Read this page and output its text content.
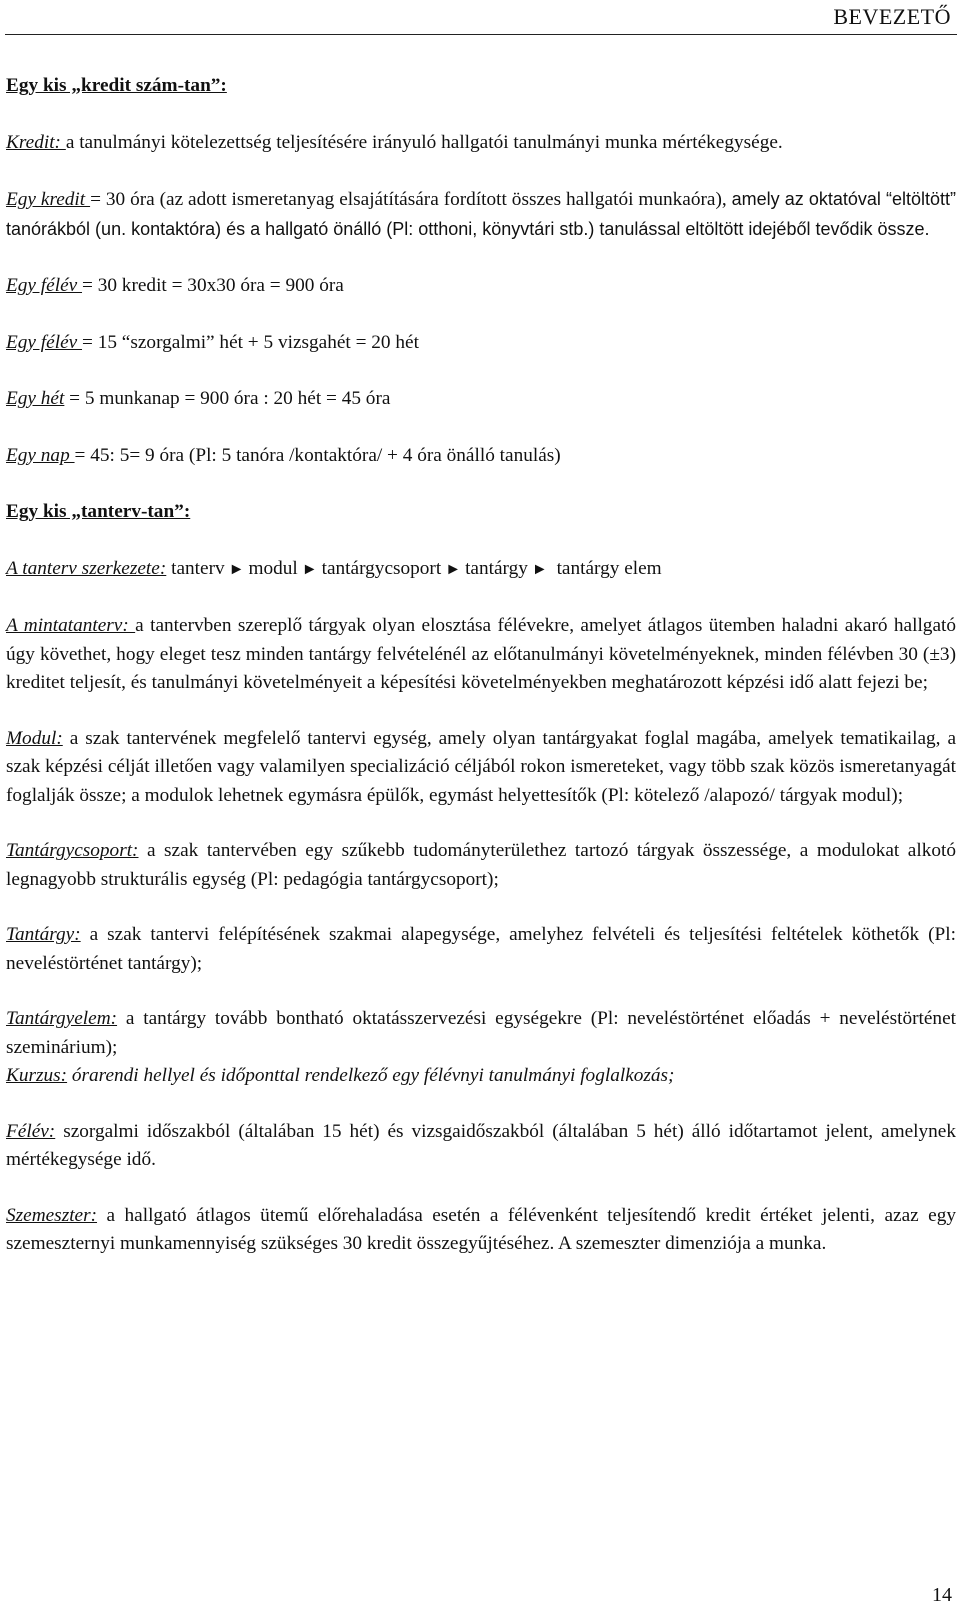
BEVEZETŐ

Egy kis „kredit szám-tan”:

Kredit: a tanulmányi kötelezettség teljesítésére irányuló hallgatói tanulmányi munka mértékegysége.

Egy kredit = 30 óra (az adott ismeretanyag elsajátítására fordított összes hallgatói munkaóra), amely az oktatóval “eltöltött” tanórákból (un. kontaktóra) és a hallgató önálló (Pl: otthoni, könyvtári stb.) tanulással eltöltött idejéből tevődik össze.

Egy félév = 30 kredit = 30x30 óra = 900 óra

Egy félév = 15 “szorgalmi” hét + 5 vizsgahét = 20 hét

Egy hét = 5 munkanap = 900 óra : 20 hét = 45 óra

Egy nap = 45: 5= 9 óra (Pl: 5 tanóra /kontaktóra/ + 4 óra önálló tanulás)

Egy kis „tanterv-tan”:

A tanterv szerkezete: tanterv ► modul ► tantárgycsoport ► tantárgy ► tantárgy elem

A mintatanterv: a tantervben szereplő tárgyak olyan elosztása félévekre, amelyet átlagos ütemben haladni akaró hallgató úgy követhet, hogy eleget tesz minden tantárgy felvételénél az előtanulmányi követelményeknek, minden félévben 30 (±3) kreditet teljesít, és tanulmányi követelményeit a képesítési követelményekben meghatározott képzési idő alatt fejezi be;

Modul: a szak tantervének megfelelő tantervi egység, amely olyan tantárgyakat foglal magába, amelyek tematikailag, a szak képzési célját illetően vagy valamilyen specializáció céljából rokon ismereteket, vagy több szak közös ismeretanyagát foglalják össze; a modulok lehetnek egymásra épülők, egymást helyettesítők (Pl: kötelező /alapozó/ tárgyak modul);

Tantárgycsoport: a szak tantervében egy szűkebb tudományterülethez tartozó tárgyak összessége, a modulokat alkotó legnagyobb strukturális egység (Pl: pedagógia tantárgycsoport);

Tantárgy: a szak tantervi felépítésének szakmai alapegysége, amelyhez felvételi és teljesítési feltételek köthetők (Pl: neveléstörténet tantárgy);

Tantárgyelem: a tantárgy tovább bontható oktatásszervezési egységekre (Pl: neveléstörténet előadás + neveléstörténet szeminárium);

Kurzus: órarendi hellyel és időponttal rendelkező egy félévnyi tanulmányi foglalkozás;

Félév: szorgalmi időszakból (általában 15 hét) és vizsgaidőszakból (általában 5 hét) álló időtartamot jelent, amelynek mértékegysége idő.

Szemeszter: a hallgató átlagos ütemű előrehaladása esetén a félévenként teljesítendő kredit értéket jelenti, azaz egy szemeszternyi munkamennyiség szükséges 30 kredit összegyűjtéséhez. A szemeszter dimenziója a munka.

14
